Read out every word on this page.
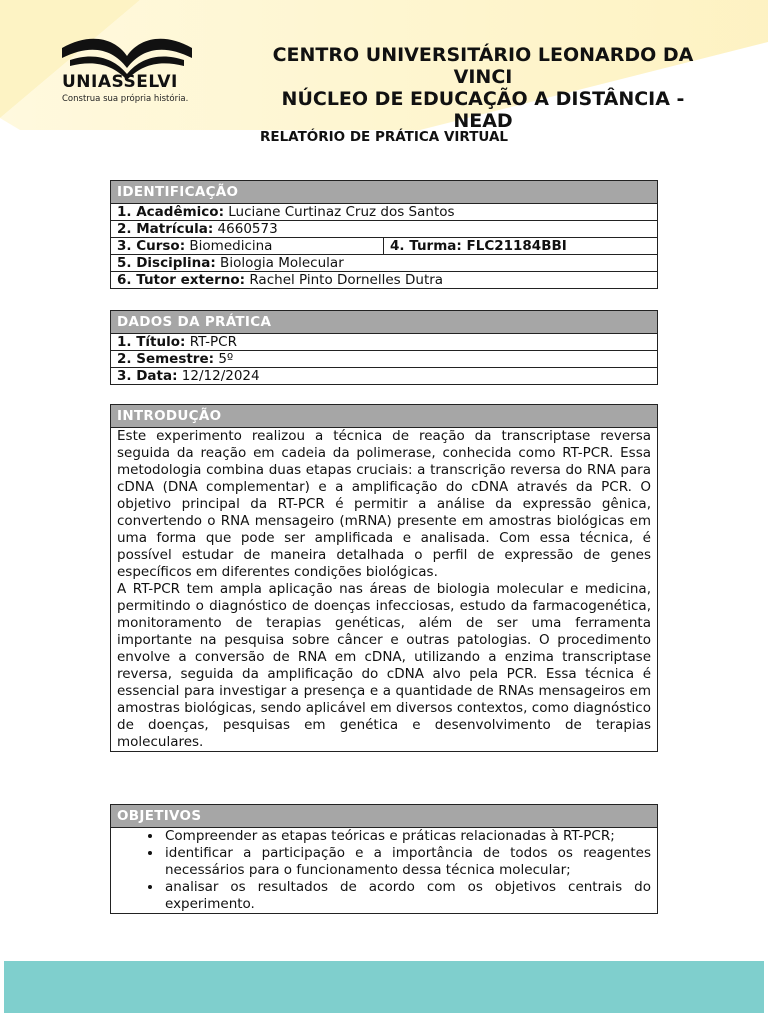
UNIASSELVI
Construa sua própria história.
CENTRO UNIVERSITÁRIO LEONARDO DA
VINCI
NÚCLEO DE EDUCAÇÃO A DISTÂNCIA -
NEAD
RELATÓRIO DE PRÁTICA VIRTUAL
IDENTIFICAÇÃO
1. Acadêmico: Luciane Curtinaz Cruz dos Santos
2. Matrícula: 4660573
3. Curso: Biomedicina	4. Turma: FLC21184BBI
5. Disciplina: Biologia Molecular
6. Tutor externo: Rachel Pinto Dornelles Dutra
DADOS DA PRÁTICA
1. Título: RT-PCR
2. Semestre: 5º
3. Data: 12/12/2024
INTRODUÇÃO

Este experimento realizou a técnica de reação da transcriptase reversa seguida da reação em cadeia da polimerase, conhecida como RT-PCR. Essa metodologia combina duas etapas cruciais: a transcrição reversa do RNA para cDNA (DNA complementar) e a amplificação do cDNA através da PCR. O objetivo principal da RT-PCR é permitir a análise da expressão gênica, convertendo o RNA mensageiro (mRNA) presente em amostras biológicas em uma forma que pode ser amplificada e analisada. Com essa técnica, é possível estudar de maneira detalhada o perfil de expressão de genes específicos em diferentes condições biológicas.
A RT-PCR tem ampla aplicação nas áreas de biologia molecular e medicina, permitindo o diagnóstico de doenças infecciosas, estudo da farmacogenética, monitoramento de terapias genéticas, além de ser uma ferramenta importante na pesquisa sobre câncer e outras patologias. O procedimento envolve a conversão de RNA em cDNA, utilizando a enzima transcriptase reversa, seguida da amplificação do cDNA alvo pela PCR. Essa técnica é essencial para investigar a presença e a quantidade de RNAs mensageiros em amostras biológicas, sendo aplicável em diversos contextos, como diagnóstico de doenças, pesquisas em genética e desenvolvimento de terapias moleculares.
OBJETIVOS

• Compreender as etapas teóricas e práticas relacionadas à RT-PCR;
• identificar a participação e a importância de todos os reagentes necessários para o funcionamento dessa técnica molecular;
• analisar os resultados de acordo com os objetivos centrais do experimento.
